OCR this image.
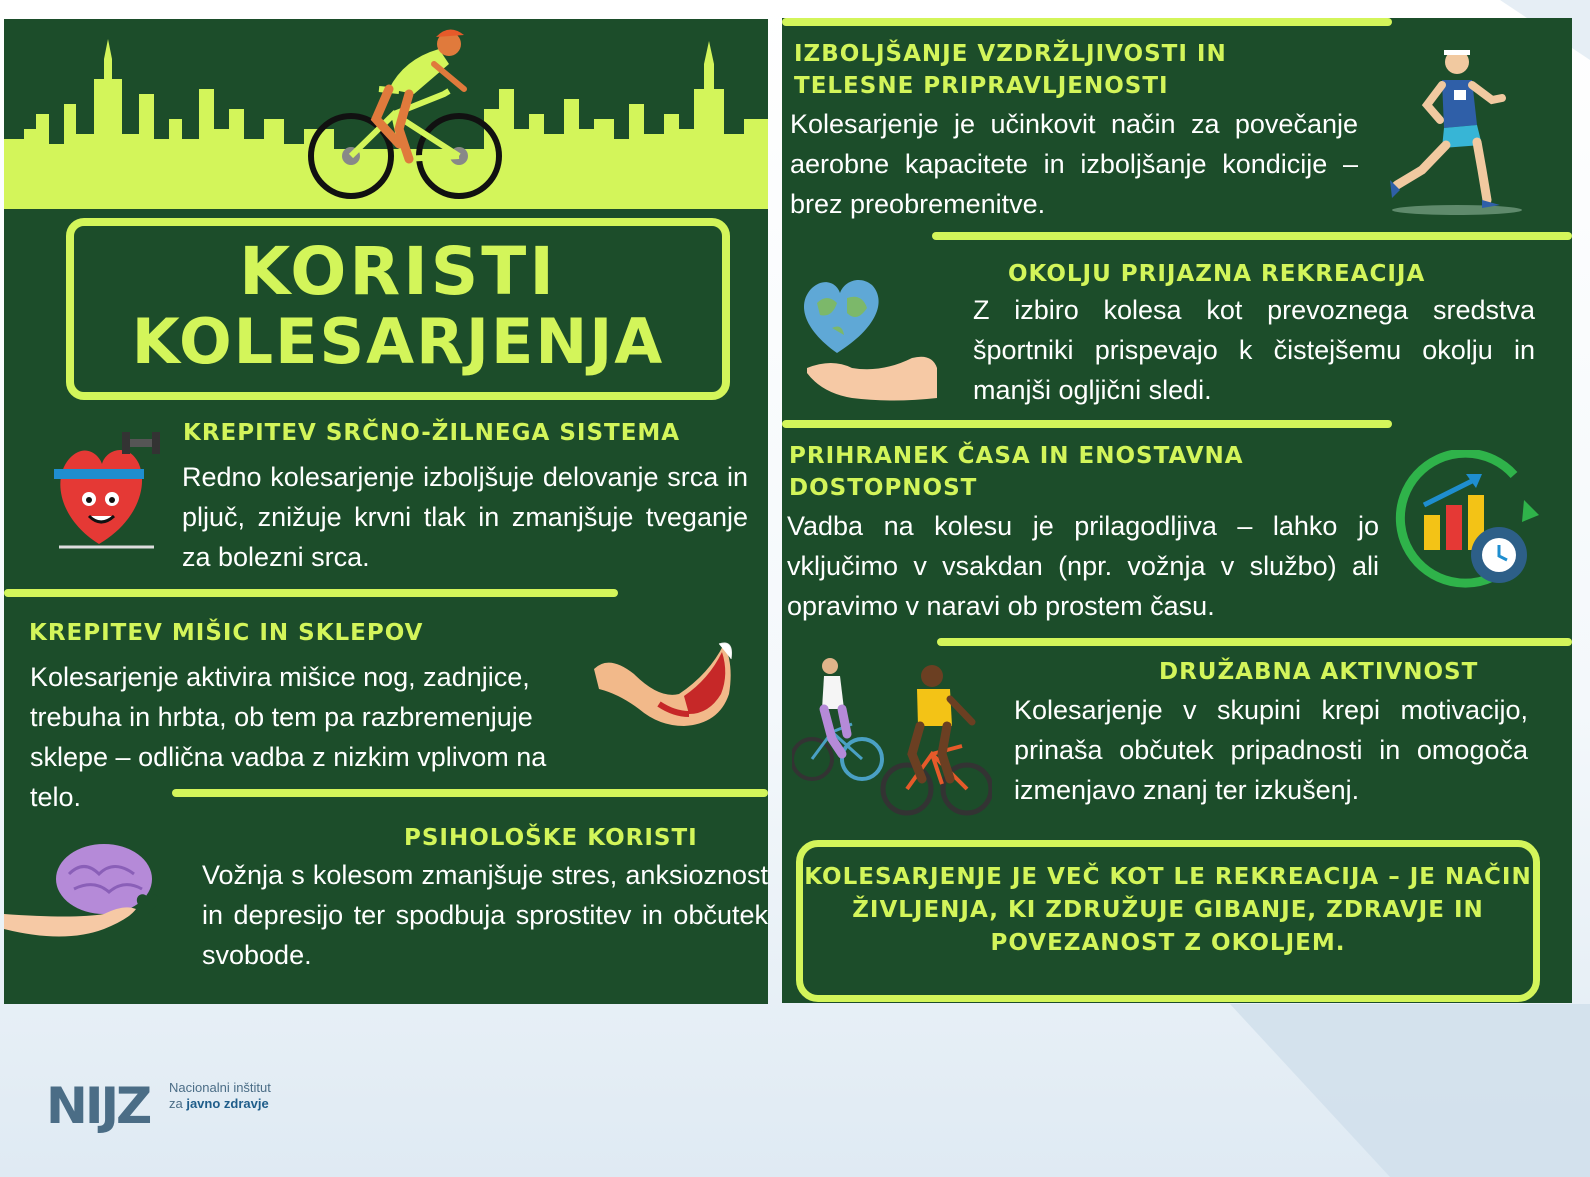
KORISTI
KOLESARJENJA
KREPITEV SRČNO-ŽILNEGA SISTEMA
Redno kolesarjenje izboljšuje delovanje srca in pljuč, znižuje krvni tlak in zmanjšuje tveganje za bolezni srca.
KREPITEV MIŠIC IN SKLEPOV
Kolesarjenje aktivira mišice nog, zadnjice, trebuha in hrbta, ob tem pa razbremenjuje sklepe – odlična vadba z nizkim vplivom na telo.
PSIHOLOŠKE KORISTI
Vožnja s kolesom zmanjšuje stres, anksioznost in depresijo ter spodbuja sprostitev in občutek svobode.
IZBOLJŠANJE VZDRŽLJIVOSTI IN TELESNE PRIPRAVLJENOSTI
Kolesarjenje je učinkovit način za povečanje aerobne kapacitete in izboljšanje kondicije – brez preobremenitve.
OKOLJU PRIJAZNA REKREACIJA
Z izbiro kolesa kot prevoznega sredstva športniki prispevajo k čistejšemu okolju in manjši ogljični sledi.
PRIHRANEK ČASA IN ENOSTAVNA DOSTOPNOST
Vadba na kolesu je prilagodljiva – lahko jo vključimo v vsakdan (npr. vožnja v službo) ali opravimo v naravi ob prostem času.
DRUŽABNA AKTIVNOST
Kolesarjenje v skupini krepi motivacijo, prinaša občutek pripadnosti in omogoča izmenjavo znanj ter izkušenj.
KOLESARJENJE JE VEČ KOT LE REKREACIJA – JE NAČIN ŽIVLJENJA, KI ZDRUŽUJE GIBANJE, ZDRAVJE IN POVEZANOST Z OKOLJEM.
NIJZ Nacionalni inštitut
za javno zdravje
